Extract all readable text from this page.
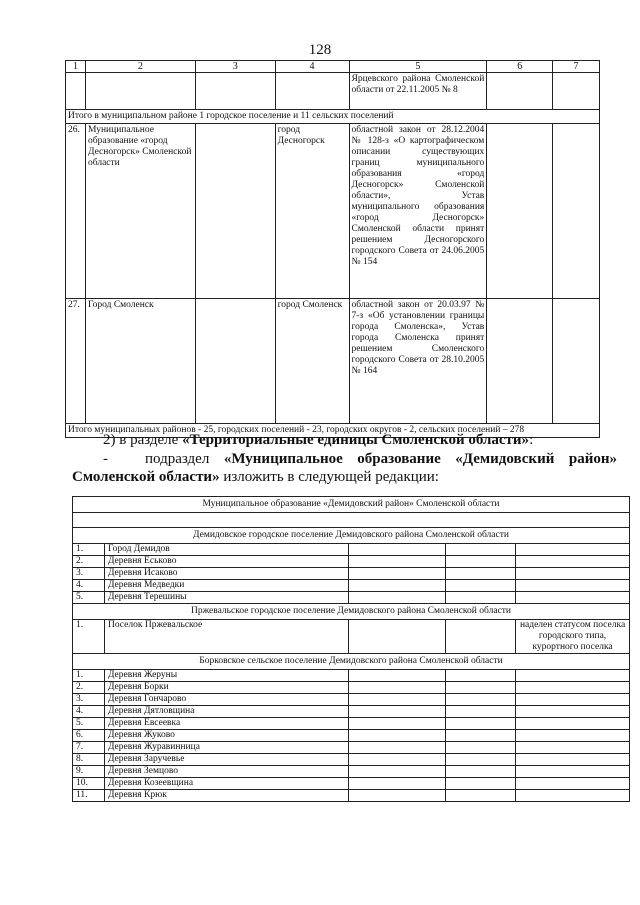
128
1	2	3	4	5	6	7
				Ярцевского района Смоленской области от 22.11.2005 № 8		
Итого в муниципальном районе 1 городское поселение и 11 сельских поселений						
26.	Муниципальное образование «город Десногорск» Смоленской области		город Десногорск	областной закон от 28.12.2004 № 128-з «О картографическом описании существующих границ муниципального образования «город Десногорск» Смоленской области», Устав муниципального образования «город Десногорск» Смоленской области принят решением Десногорского городского Совета от 24.06.2005 № 154		
27.	Город Смоленск		город Смоленск	областной закон от 20.03.97 № 7-з «Об установлении границы города Смоленска», Устав города Смоленска принят решением Смоленского городского Совета от 28.10.2005 № 164		
Итого муниципальных районов - 25, городских поселений - 23, городских округов - 2, сельских поселений – 278						
2) в разделе «Территориальные единицы Смоленской области»:
-	подраздел «Муниципальное образование «Демидовский район»
Смоленской области» изложить в следующей редакции:
Муниципальное образование «Демидовский район» Смоленской области				

Демидовское городское поселение Демидовского района Смоленской области				
1.	Город Демидов			
2.	Деревня Еськово			
3.	Деревня Исаково			
4.	Деревня Медведки			
5.	Деревня Терешины			
Пржевальское городское поселение Демидовского района Смоленской области				
1.	Поселок Пржевальское			наделен статусом поселка городского типа, курортного поселка
Борковское сельское поселение Демидовского района Смоленской области				
1.	Деревня Жеруны			
2.	Деревня Борки			
3.	Деревня Гончарово			
4.	Деревня Дятловщина			
5.	Деревня Евсеевка			
6.	Деревня Жуково			
7.	Деревня Журавинница			
8.	Деревня Заручевье			
9.	Деревня Земцово			
10.	Деревня Козеевщина			
11.	Деревня Крюк			
